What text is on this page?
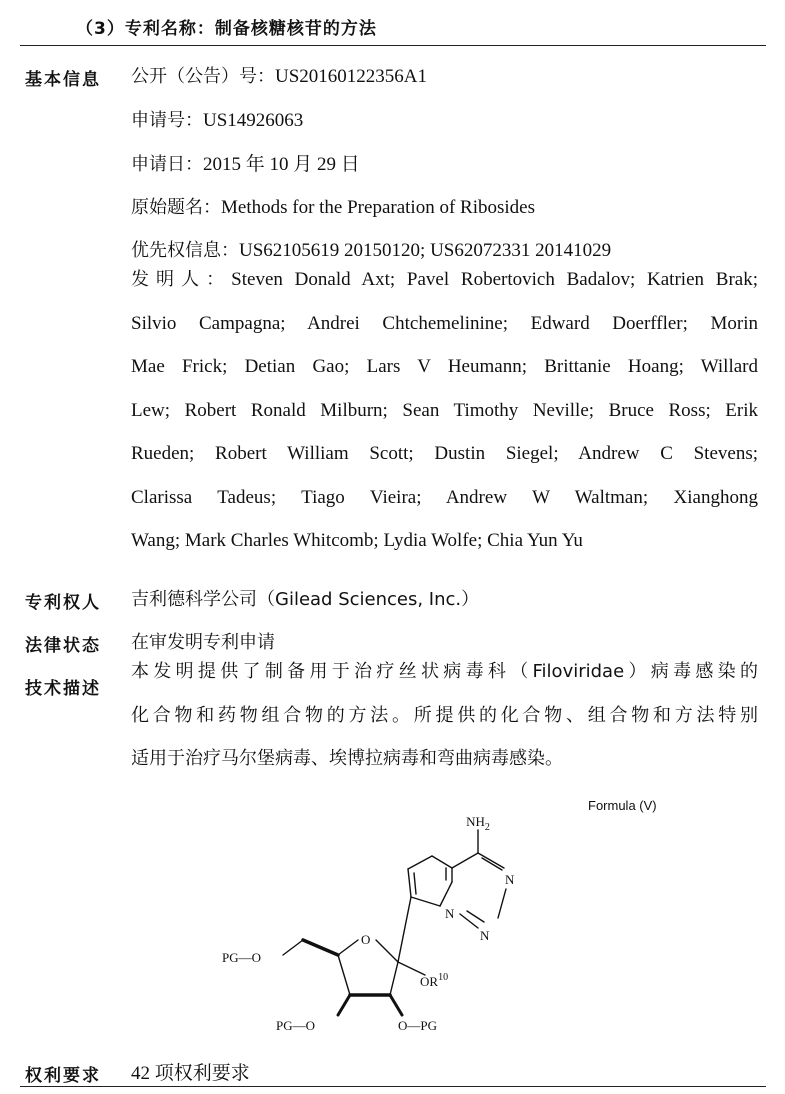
（3）专利名称：制备核糖核苷的方法
基本信息 公开（公告）号：US20160122356A1
申请号：US14926063
申请日：2015 年 10 月 29 日
原始题名：Methods for the Preparation of Ribosides
优先权信息：US62105619 20150120; US62072331 20141029
发明人：Steven Donald Axt; Pavel Robertovich Badalov; Katrien Brak;
Silvio Campagna; Andrei Chtchemelinine; Edward Doerffler; Morin
Mae Frick; Detian Gao; Lars V Heumann; Brittanie Hoang; Willard
Lew; Robert Ronald Milburn; Sean Timothy Neville; Bruce Ross; Erik
Rueden; Robert William Scott; Dustin Siegel; Andrew C Stevens;
Clarissa Tadeus; Tiago Vieira; Andrew W Waltman; Xianghong
Wang; Mark Charles Whitcomb; Lydia Wolfe; Chia Yun Yu
专利权人 吉利德科学公司（Gilead Sciences, Inc.）
法律状态 在审发明专利申请
技术描述
本发明提供了制备用于治疗丝状病毒科（Filoviridae）病毒感染的
化合物和药物组合物的方法。所提供的化合物、组合物和方法特别
适用于治疗马尔堡病毒、埃博拉病毒和弯曲病毒感染。
Formula (V)
$NH_2$
N
N
N
O
OR$^{10}$
PG—O
PG—O	O—PG
权利要求 42 项权利要求
